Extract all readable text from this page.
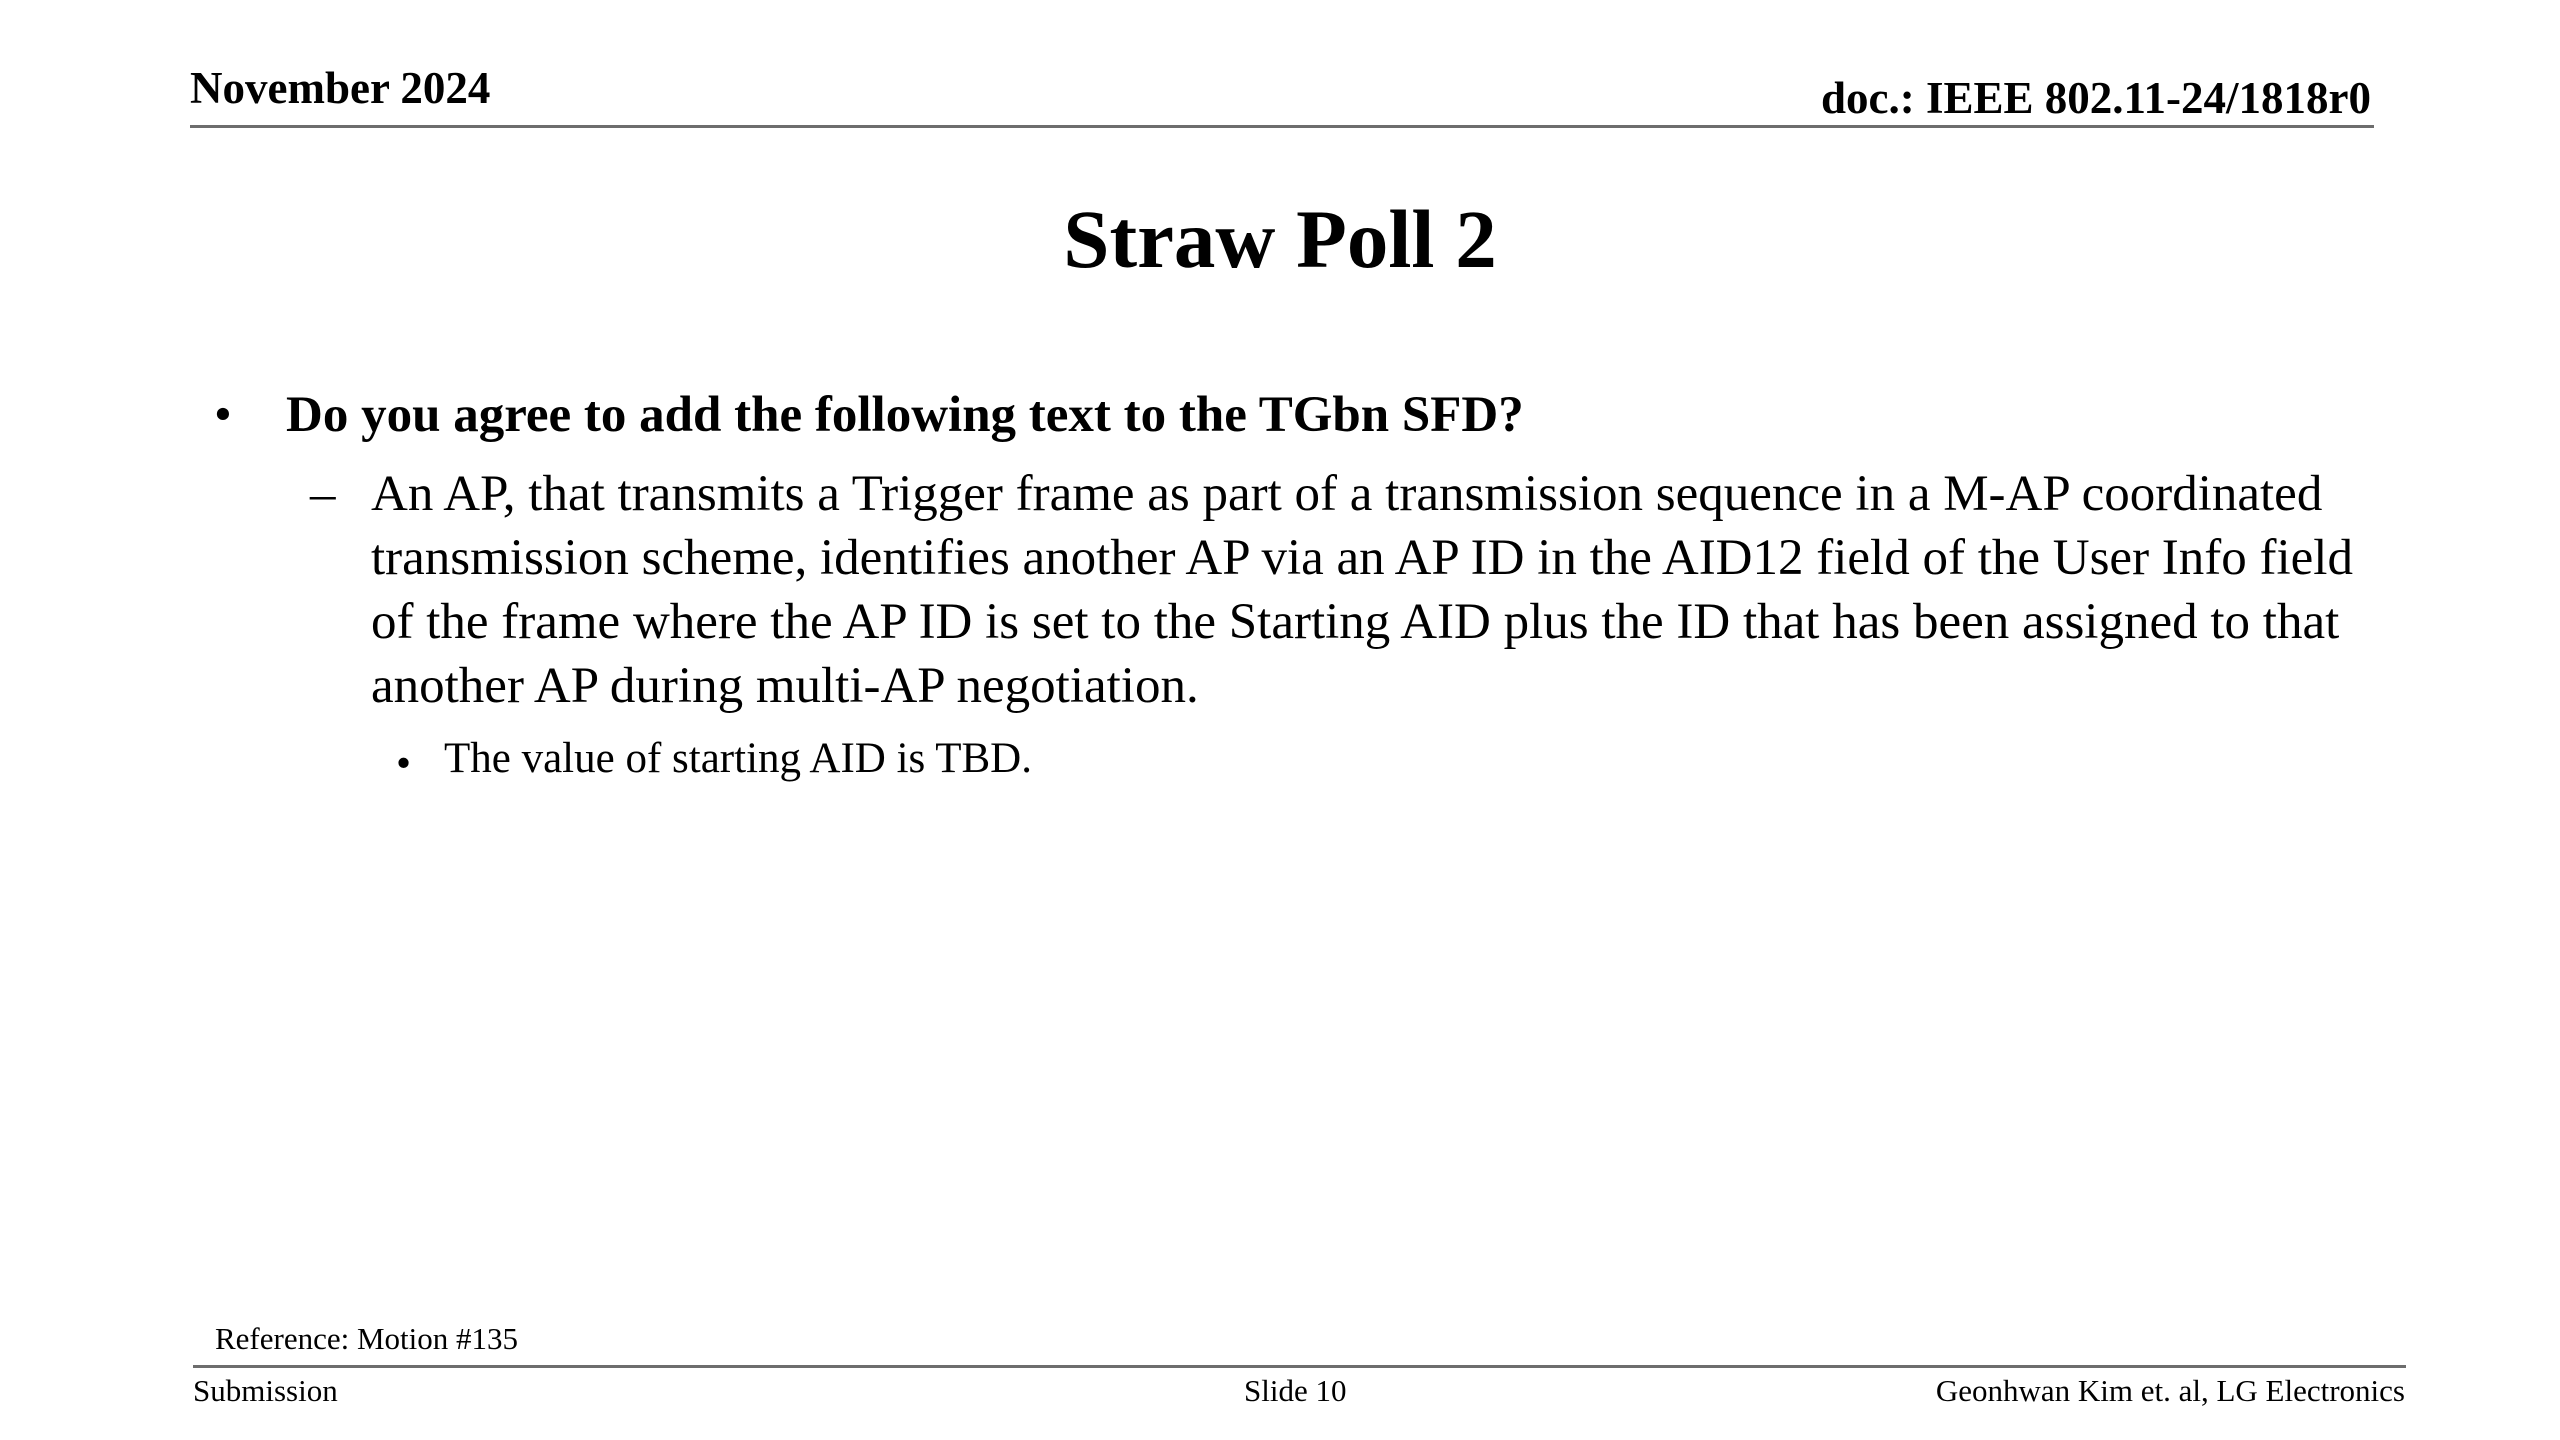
November 2024	doc.: IEEE 802.11-24/1818r0
Straw Poll 2
• Do you agree to add the following text to the TGbn SFD?
– An AP, that transmits a Trigger frame as part of a transmission sequence in a M-AP coordinated transmission scheme, identifies another AP via an AP ID in the AID12 field of the User Info field of the frame where the AP ID is set to the Starting AID plus the ID that has been assigned to that another AP during multi-AP negotiation.
• The value of starting AID is TBD.
Reference: Motion #135
Submission	Slide 10	Geonhwan Kim et. al, LG Electronics
